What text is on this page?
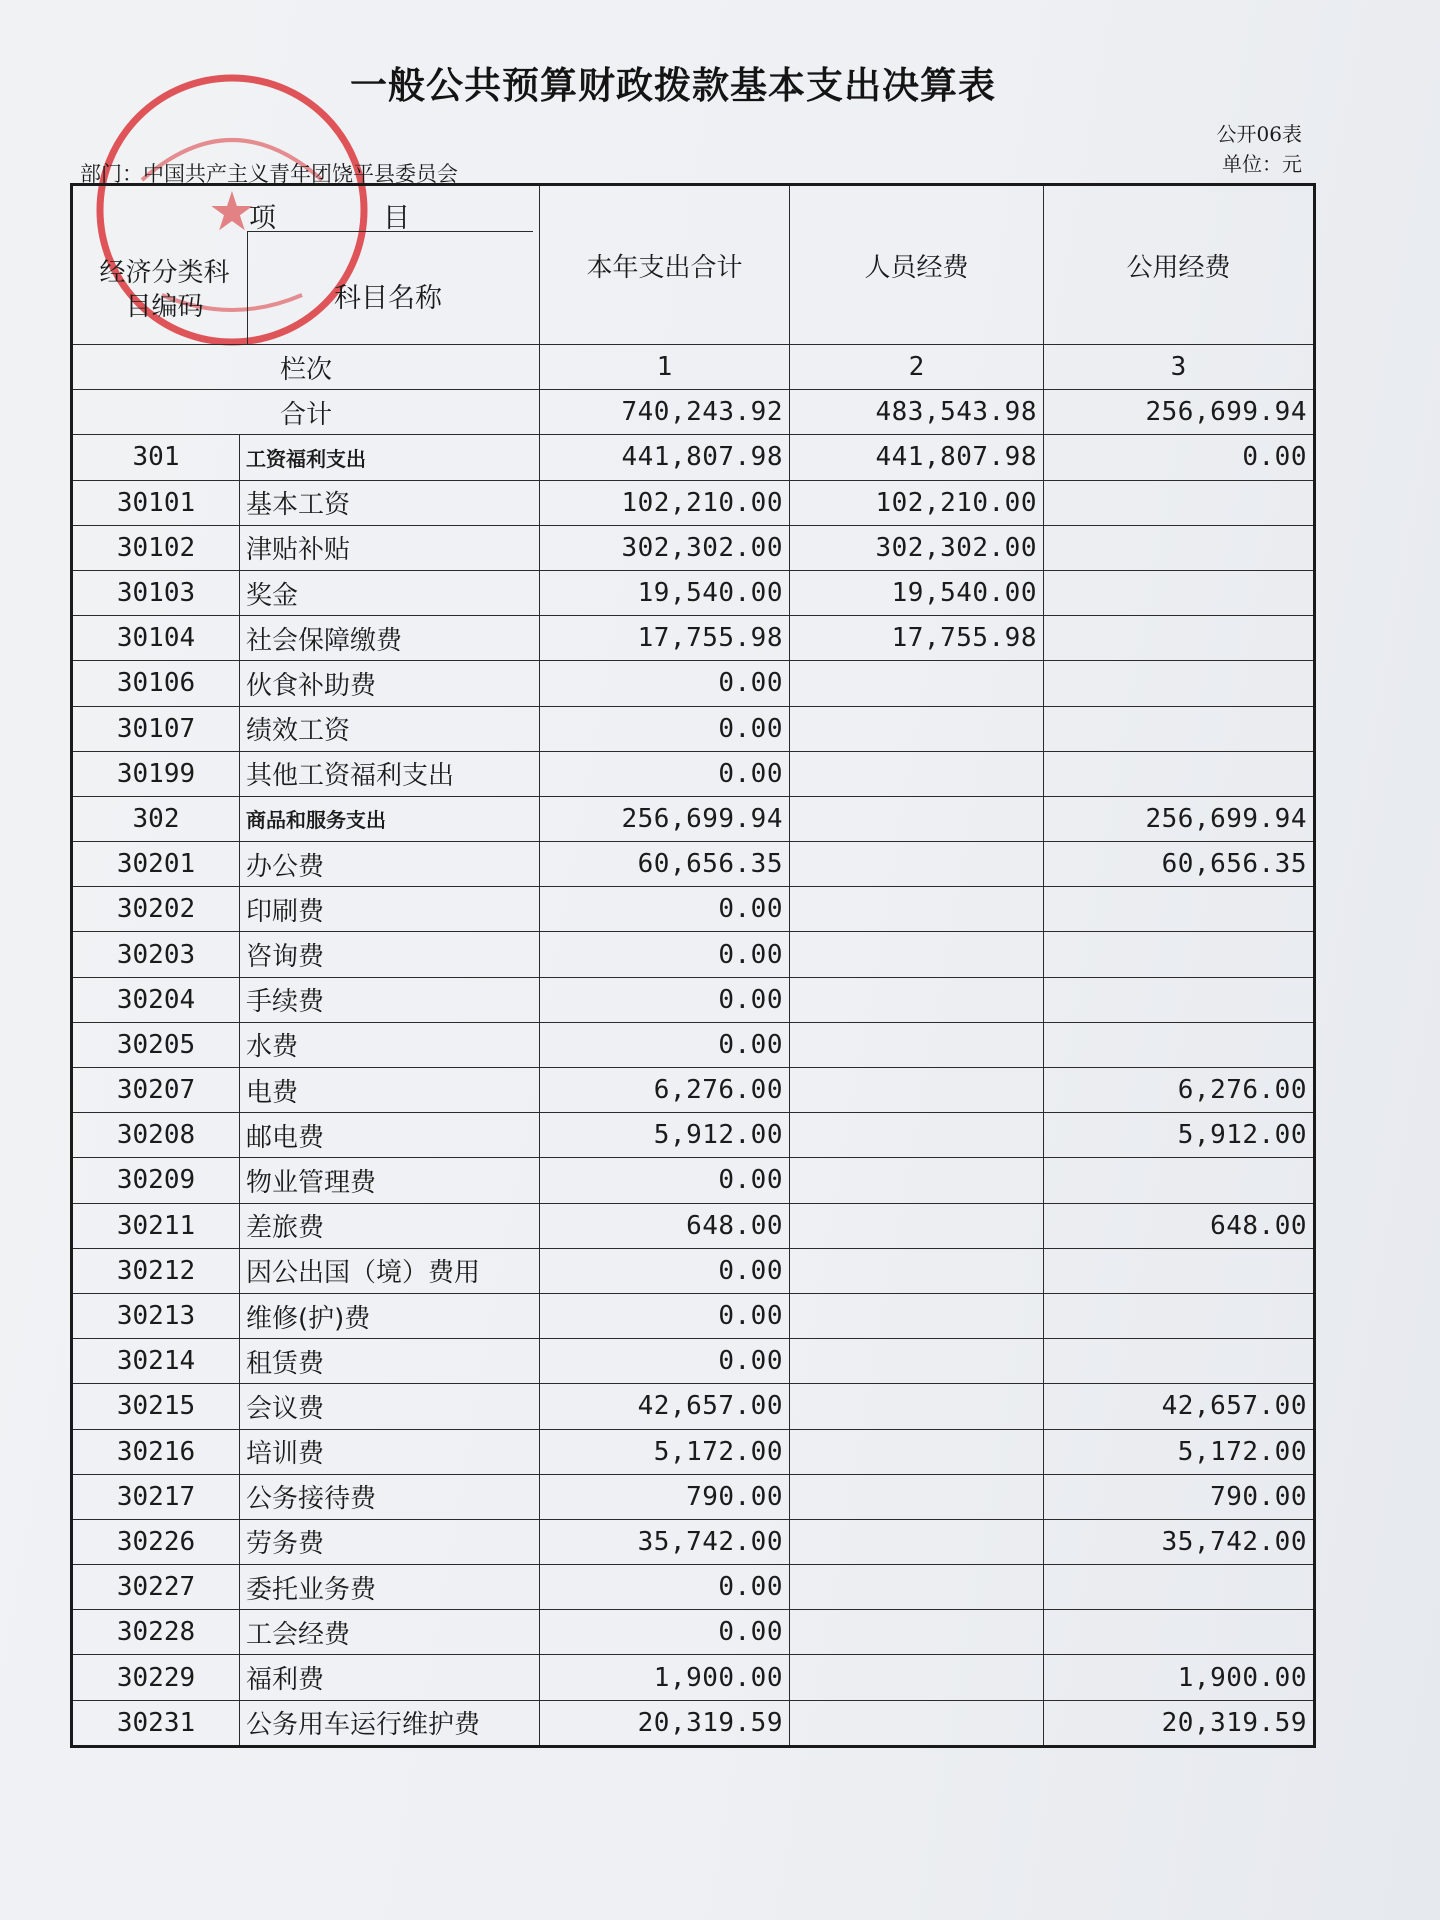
★
一般公共预算财政拨款基本支出决算表
公开06表
单位：元
部门：中国共产主义青年团饶平县委员会
项　目
经济分类科目编码 科目名称		本年支出合计	人员经费	公用经费
栏次		1	2	3
合计		740,243.92	483,543.98	256,699.94
301	工资福利支出	441,807.98	441,807.98	0.00
30101	基本工资	102,210.00	102,210.00	
30102	津贴补贴	302,302.00	302,302.00	
30103	奖金	19,540.00	19,540.00	
30104	社会保障缴费	17,755.98	17,755.98	
30106	伙食补助费	0.00		
30107	绩效工资	0.00		
30199	其他工资福利支出	0.00		
302	商品和服务支出	256,699.94		256,699.94
30201	办公费	60,656.35		60,656.35
30202	印刷费	0.00		
30203	咨询费	0.00		
30204	手续费	0.00		
30205	水费	0.00		
30207	电费	6,276.00		6,276.00
30208	邮电费	5,912.00		5,912.00
30209	物业管理费	0.00		
30211	差旅费	648.00		648.00
30212	因公出国（境）费用	0.00		
30213	维修(护)费	0.00		
30214	租赁费	0.00		
30215	会议费	42,657.00		42,657.00
30216	培训费	5,172.00		5,172.00
30217	公务接待费	790.00		790.00
30226	劳务费	35,742.00		35,742.00
30227	委托业务费	0.00		
30228	工会经费	0.00		
30229	福利费	1,900.00		1,900.00
30231	公务用车运行维护费	20,319.59		20,319.59
